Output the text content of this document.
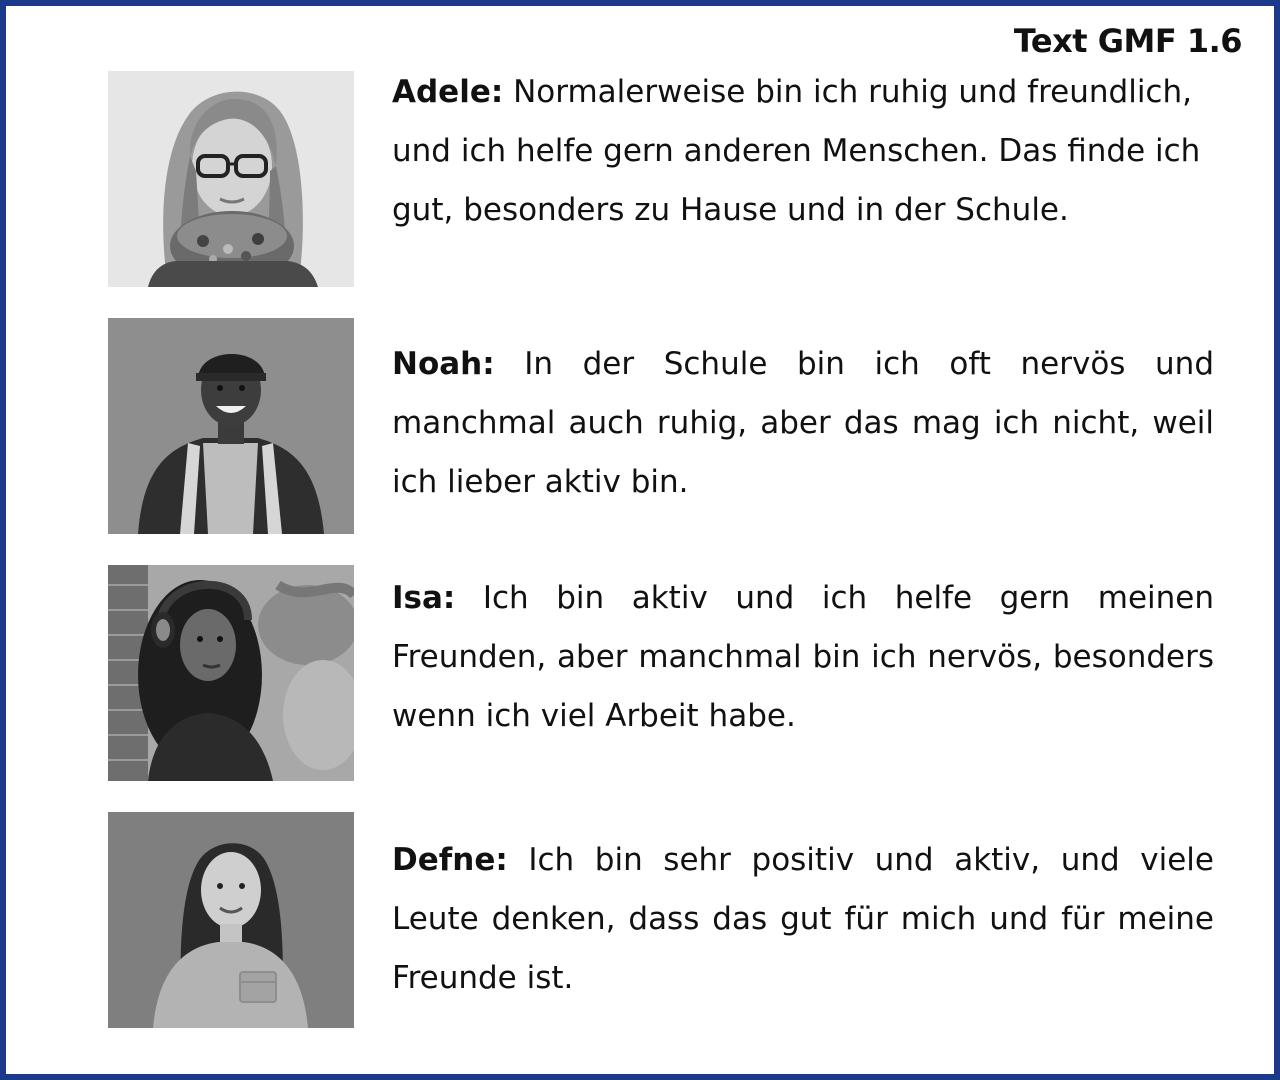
Text GMF 1.6
Adele: Normalerweise bin ich ruhig und freundlich, und ich helfe gern anderen Menschen. Das finde ich gut, besonders zu Hause und in der Schule.
Noah: In der Schule bin ich oft nervös und manchmal auch ruhig, aber das mag ich nicht, weil ich lieber aktiv bin.
Isa: Ich bin aktiv und ich helfe gern meinen Freunden, aber manchmal bin ich nervös, besonders wenn ich viel Arbeit habe.
Defne: Ich bin sehr positiv und aktiv, und viele Leute denken, dass das gut für mich und für meine Freunde ist.
